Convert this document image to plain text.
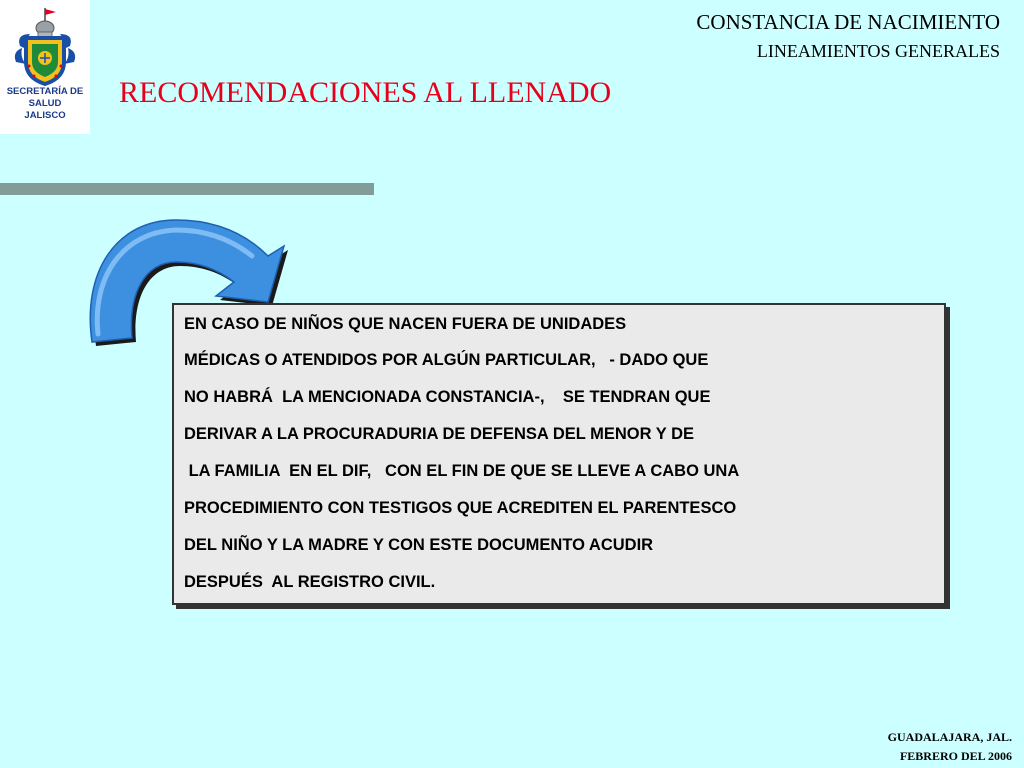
SECRETARÍA DE
SALUD
JALISCO
CONSTANCIA DE NACIMIENTO
LINEAMIENTOS GENERALES
RECOMENDACIONES AL LLENADO

EN CASO DE NIÑOS QUE NACEN FUERA DE UNIDADES

MÉDICAS O ATENDIDOS POR ALGÚN PARTICULAR,   - DADO QUE

NO HABRÁ  LA MENCIONADA CONSTANCIA-,    SE TENDRAN QUE

DERIVAR A LA PROCURADURIA DE DEFENSA DEL MENOR Y DE

LA FAMILIA  EN EL DIF,   CON EL FIN DE QUE SE LLEVE A CABO UNA

PROCEDIMIENTO CON TESTIGOS QUE ACREDITEN EL PARENTESCO

DEL NIÑO Y LA MADRE Y CON ESTE DOCUMENTO ACUDIR

DESPUÉS  AL REGISTRO CIVIL.

GUADALAJARA, JAL.
FEBRERO DEL 2006
